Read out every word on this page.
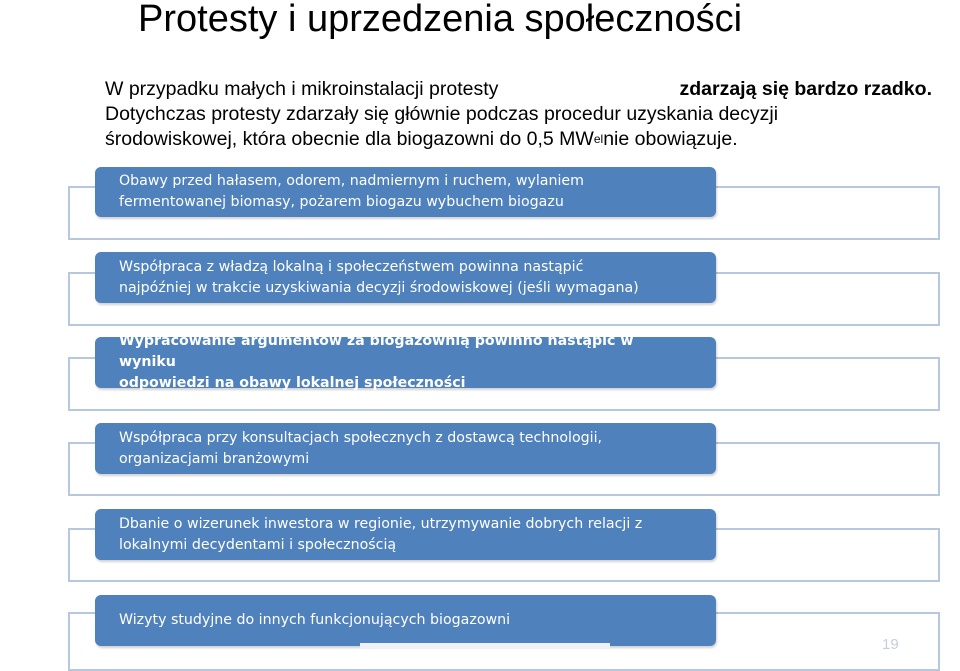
Protesty i uprzedzenia społeczności
W przypadku małych i mikroinstalacji protesty	zdarzają się bardzo rzadko.
Dotychczas protesty zdarzały się głównie podczas procedur uzyskania decyzji
środowiskowej, która obecnie dla biogazowni do 0,5 MW el nie obowiązuje.
Obawy przed hałasem, odorem, nadmiernym i ruchem, wylaniem
fermentowanej biomasy, pożarem biogazu wybuchem biogazu
Współpraca z władzą lokalną i społeczeństwem powinna nastąpić
najpóźniej w trakcie uzyskiwania decyzji środowiskowej (jeśli wymagana)
Wypracowanie argumentów za biogazownią powinno nastąpić w wyniku
odpowiedzi na obawy lokalnej społeczności
Współpraca przy konsultacjach społecznych z dostawcą technologii,
organizacjami branżowymi
Dbanie o wizerunek inwestora w regionie, utrzymywanie dobrych relacji z
lokalnymi decydentami i społecznością
Wizyty studyjne do innych funkcjonujących biogazowni
19
